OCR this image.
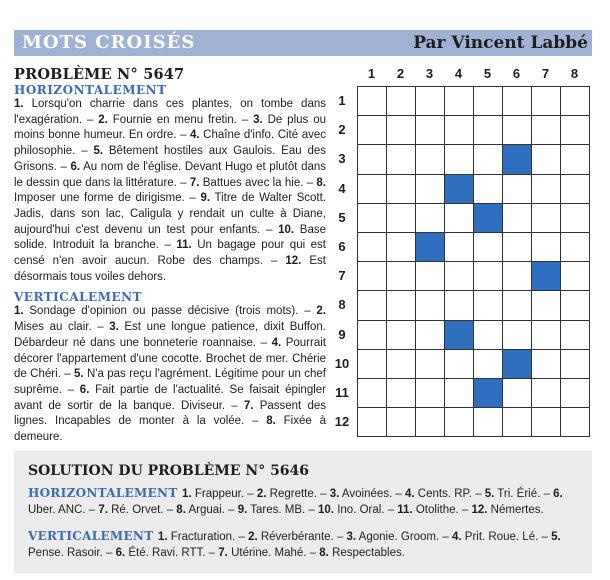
MOTS CROISÉS	Par Vincent Labbé
PROBLÈME N° 5647
HORIZONTALEMENT

1. Lorsqu'on charrie dans ces plantes, on tombe dans l'exagération. – 2. Fournie en menu fretin. – 3. De plus ou moins bonne humeur. En ordre. – 4. Chaîne d'info. Cité avec philosophie. – 5. Bêtement hostiles aux Gaulois. Eau des Grisons. – 6. Au nom de l'église. Devant Hugo et plutôt dans le dessin que dans la littérature. – 7. Battues avec la hie. – 8. Imposer une forme de dirigisme. – 9. Titre de Walter Scott. Jadis, dans son lac, Caligula y rendait un culte à Diane, aujourd'hui c'est devenu un test pour enfants. – 10. Base solide. Introduit la branche. – 11. Un bagage pour qui est censé n'en avoir aucun. Robe des champs. – 12. Est désormais tous voiles dehors.

VERTICALEMENT

1. Sondage d'opinion ou passe décisive (trois mots). – 2. Mises au clair. – 3. Est une longue patience, dixit Buffon. Débardeur né dans une bonneterie roannaise. – 4. Pourrait décorer l'appartement d'une cocotte. Brochet de mer. Chérie de Chéri. – 5. N'a pas reçu l'agrément. Légitime pour un chef suprême. – 6. Fait partie de l'actualité. Se faisait épingler avant de sortir de la banque. Diviseur. – 7. Passent des lignes. Incapables de monter à la volée. – 8. Fixée à demeure.

1	2	3	4	5	6	7	8
1
2
3
4
5
6
7
8
9
10
11
12
SOLUTION DU PROBLÈME N° 5646
HORIZONTALEMENT 1. Frappeur. – 2. Regrette. – 3. Avoinées. – 4. Cents. RP. – 5. Tri. Érié. – 6. Uber. ANC. – 7. Ré. Orvet. – 8. Arguai. – 9. Tares. MB. – 10. Ino. Oral. – 11. Otolithe. – 12. Némertes.
VERTICALEMENT 1. Fracturation. – 2. Réverbérante. – 3. Agonie. Groom. – 4. Prit. Roue. Lé. – 5. Pense. Rasoir. – 6. Été. Ravi. RTT. – 7. Utérine. Mahé. – 8. Respectables.
